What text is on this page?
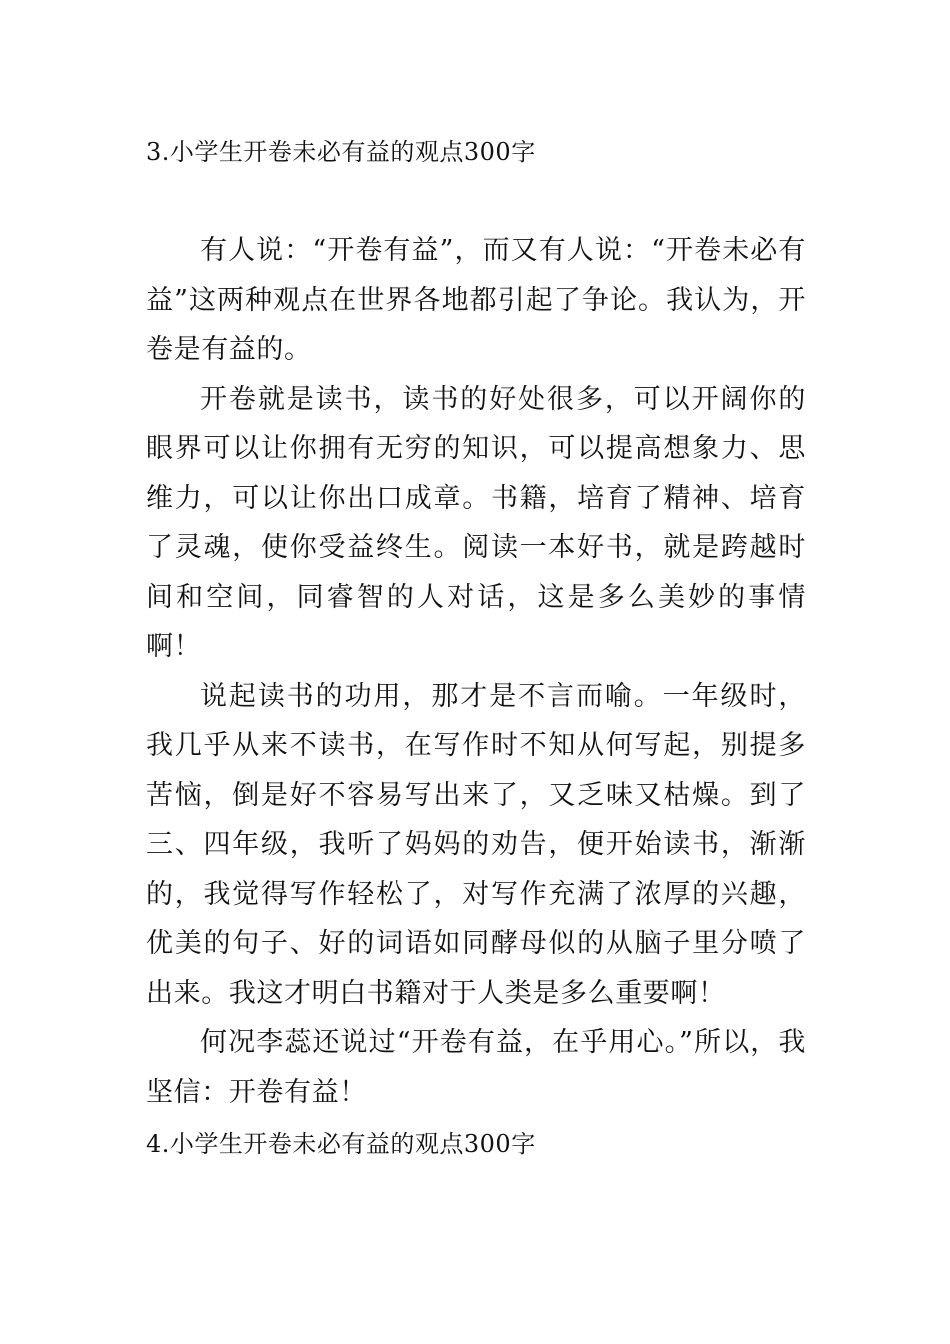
3.小学生开卷未必有益的观点300字

有人说：“开卷有益”，而又有人说：“开卷未必有益”这两种观点在世界各地都引起了争论。我认为，开卷是有益的。

开卷就是读书，读书的好处很多，可以开阔你的眼界可以让你拥有无穷的知识，可以提高想象力、思维力，可以让你出口成章。书籍，培育了精神、培育了灵魂，使你受益终生。阅读一本好书，就是跨越时间和空间，同睿智的人对话，这是多么美妙的事情啊！

说起读书的功用，那才是不言而喻。一年级时，我几乎从来不读书，在写作时不知从何写起，别提多苦恼，倒是好不容易写出来了，又乏味又枯燥。到了三、四年级，我听了妈妈的劝告，便开始读书，渐渐的，我觉得写作轻松了，对写作充满了浓厚的兴趣，优美的句子、好的词语如同酵母似的从脑子里分喷了出来。我这才明白书籍对于人类是多么重要啊！

何况李蕊还说过“开卷有益，在乎用心。”所以，我坚信：开卷有益！

4.小学生开卷未必有益的观点300字
